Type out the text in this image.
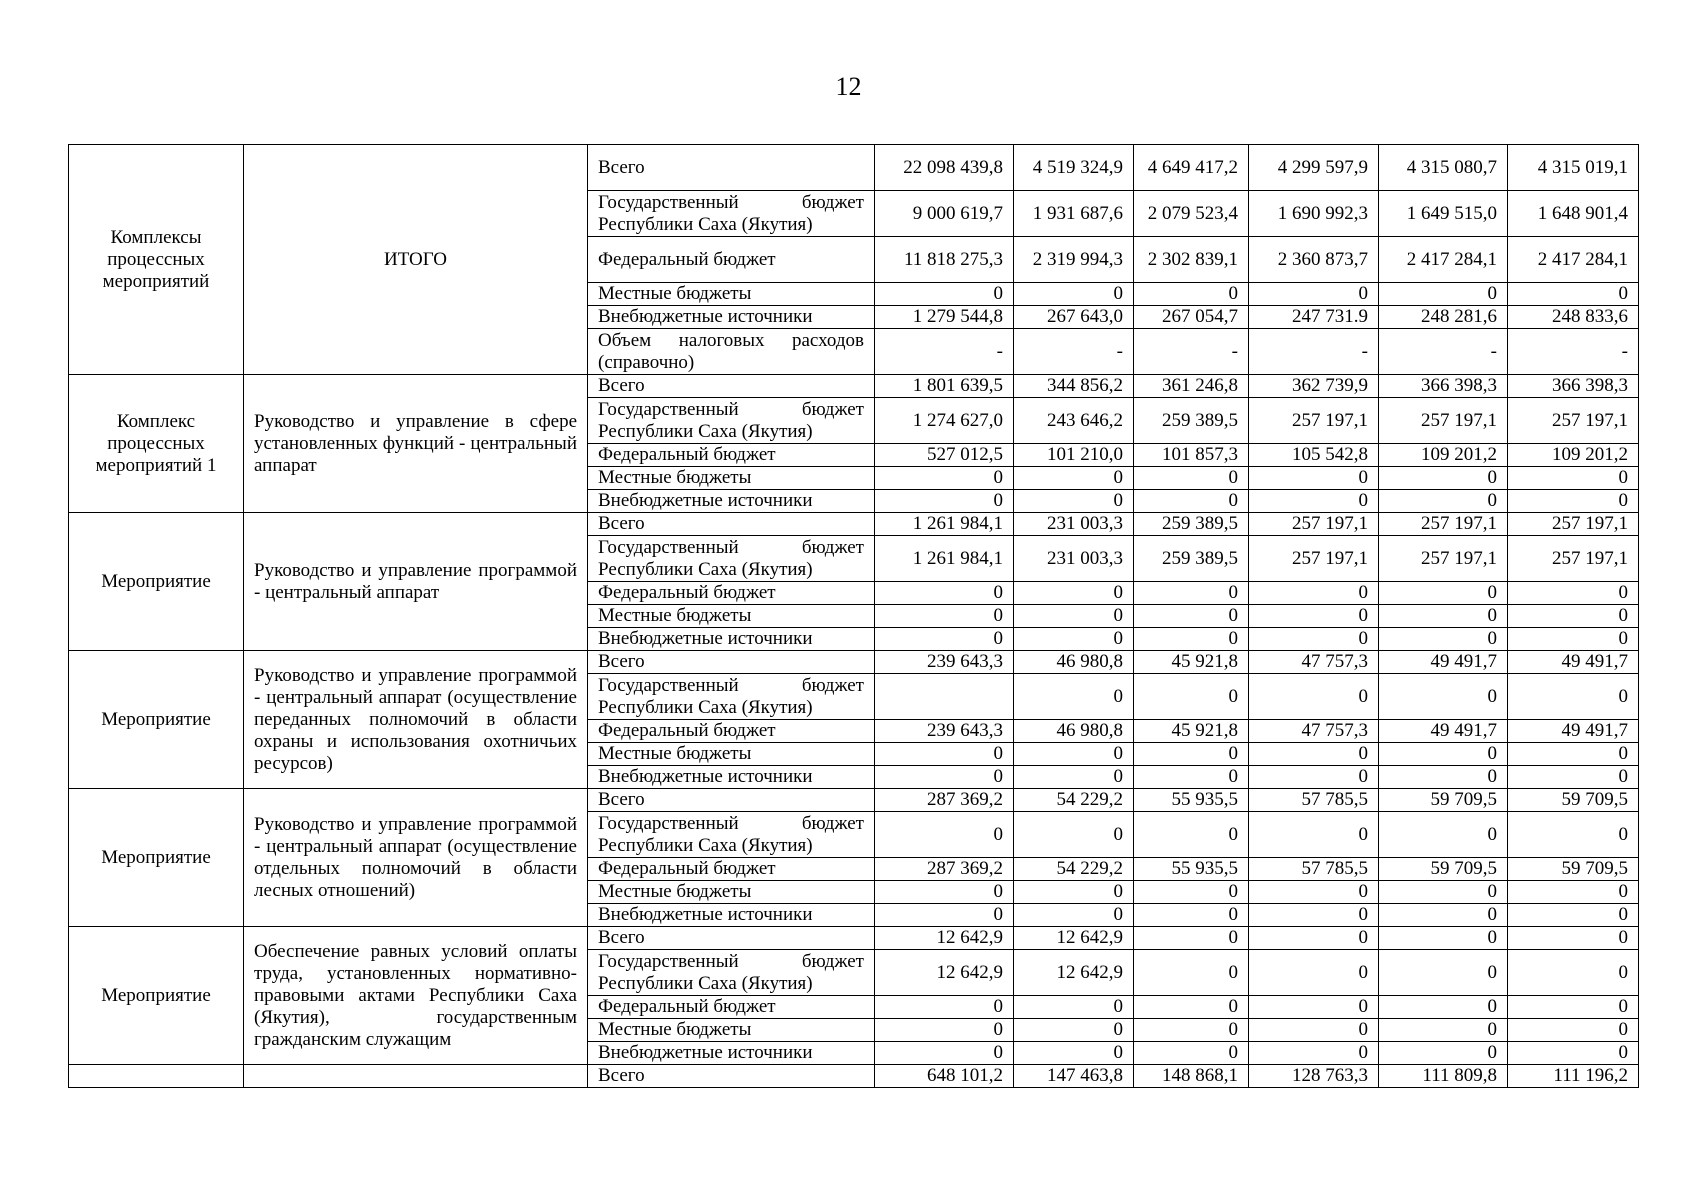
12
Комплексы процессных мероприятий	ИТОГО	Всего	22 098 439,8	4 519 324,9	4 649 417,2	4 299 597,9	4 315 080,7	4 315 019,1
		Государственный бюджет Республики Саха (Якутия)	9 000 619,7	1 931 687,6	2 079 523,4	1 690 992,3	1 649 515,0	1 648 901,4
		Федеральный бюджет	11 818 275,3	2 319 994,3	2 302 839,1	2 360 873,7	2 417 284,1	2 417 284,1
		Местные бюджеты	0	0	0	0	0	0
		Внебюджетные источники	1 279 544,8	267 643,0	267 054,7	247 731.9	248 281,6	248 833,6
		Объем налоговых расходов (справочно)	-	-	-	-	-	-
Комплекс процессных мероприятий 1	Руководство и управление в сфере установленных функций - центральный аппарат	Всего	1 801 639,5	344 856,2	361 246,8	362 739,9	366 398,3	366 398,3
		Государственный бюджет Республики Саха (Якутия)	1 274 627,0	243 646,2	259 389,5	257 197,1	257 197,1	257 197,1
		Федеральный бюджет	527 012,5	101 210,0	101 857,3	105 542,8	109 201,2	109 201,2
		Местные бюджеты	0	0	0	0	0	0
		Внебюджетные источники	0	0	0	0	0	0
Мероприятие	Руководство и управление программой - центральный аппарат	Всего	1 261 984,1	231 003,3	259 389,5	257 197,1	257 197,1	257 197,1
		Государственный бюджет Республики Саха (Якутия)	1 261 984,1	231 003,3	259 389,5	257 197,1	257 197,1	257 197,1
		Федеральный бюджет	0	0	0	0	0	0
		Местные бюджеты	0	0	0	0	0	0
		Внебюджетные источники	0	0	0	0	0	0
Мероприятие	Руководство и управление программой - центральный аппарат (осуществление переданных полномочий в области охраны и использования охотничьих ресурсов)	Всего	239 643,3	46 980,8	45 921,8	47 757,3	49 491,7	49 491,7
		Государственный бюджет Республики Саха (Якутия)		0	0	0	0	0
		Федеральный бюджет	239 643,3	46 980,8	45 921,8	47 757,3	49 491,7	49 491,7
		Местные бюджеты	0	0	0	0	0	0
		Внебюджетные источники	0	0	0	0	0	0
Мероприятие	Руководство и управление программой - центральный аппарат (осуществление отдельных полномочий в области лесных отношений)	Всего	287 369,2	54 229,2	55 935,5	57 785,5	59 709,5	59 709,5
		Государственный бюджет Республики Саха (Якутия)	0	0	0	0	0	0
		Федеральный бюджет	287 369,2	54 229,2	55 935,5	57 785,5	59 709,5	59 709,5
		Местные бюджеты	0	0	0	0	0	0
		Внебюджетные источники	0	0	0	0	0	0
Мероприятие	Обеспечение равных условий оплаты труда, установленных нормативно-правовыми актами Республики Саха (Якутия), государственным гражданским служащим	Всего	12 642,9	12 642,9	0	0	0	0
		Государственный бюджет Республики Саха (Якутия)	12 642,9	12 642,9	0	0	0	0
		Федеральный бюджет	0	0	0	0	0	0
		Местные бюджеты	0	0	0	0	0	0
		Внебюджетные источники	0	0	0	0	0	0
		Всего	648 101,2	147 463,8	148 868,1	128 763,3	111 809,8	111 196,2
